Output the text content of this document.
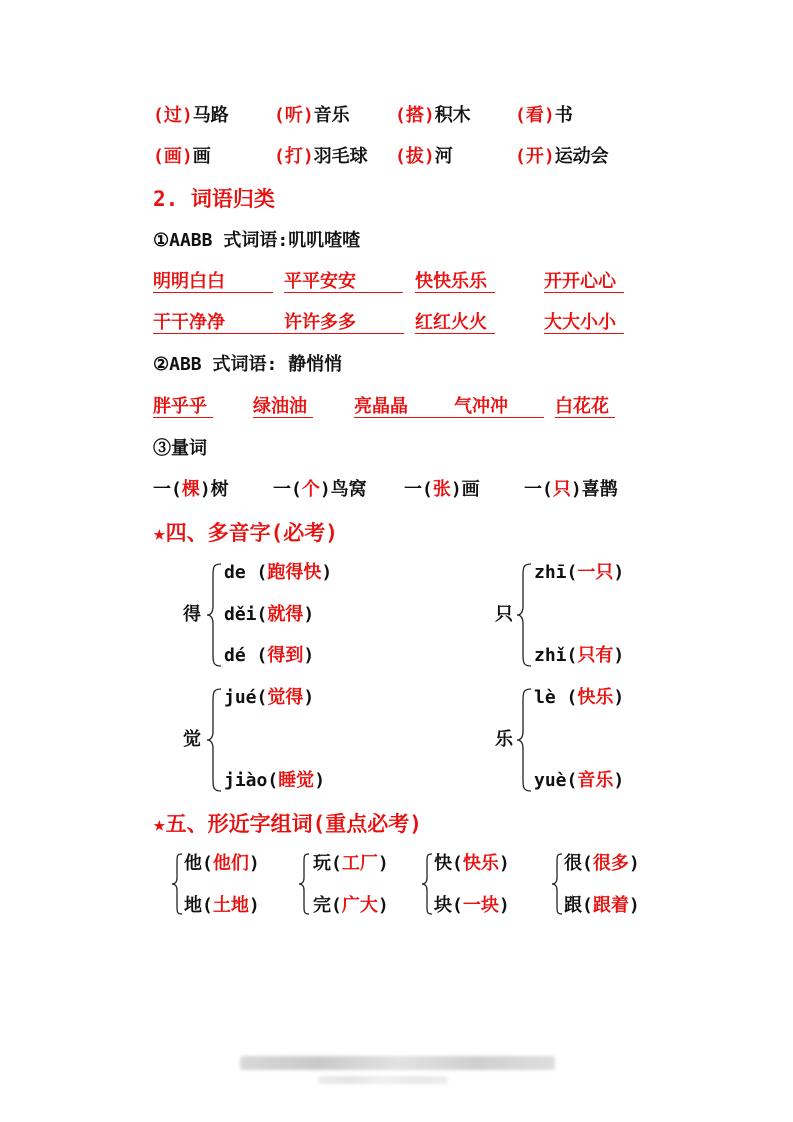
(过)马路	(听)音乐	(搭)积木 (看)书
(画)画	(打)羽毛球 (拔)河	(开)运动会
2. 词语归类
①AABB 式词语:叽叽喳喳
明明白白	平平安安	快快乐乐	开开心心
干干净净	许许多多	红红火火	大大小小
②ABB 式词语: 静悄悄
胖乎乎	绿油油	亮晶晶	气冲冲	白花花
③量词
一(棵)树 一(个)鸟窝 一(张)画 一(只)喜鹊
★四、多音字(必考)
得
de (跑得快)
děi(就得)
dé (得到)
只
zhī(一只)
zhǐ(只有)
觉
jué(觉得)
jiào(睡觉)
乐
lè (快乐)
yuè(音乐)
★五、形近字组词(重点必考)
他(他们)
地(土地)
玩(工厂)
完(广大)
快(快乐)
块(一块)
很(很多)
跟(跟着)
